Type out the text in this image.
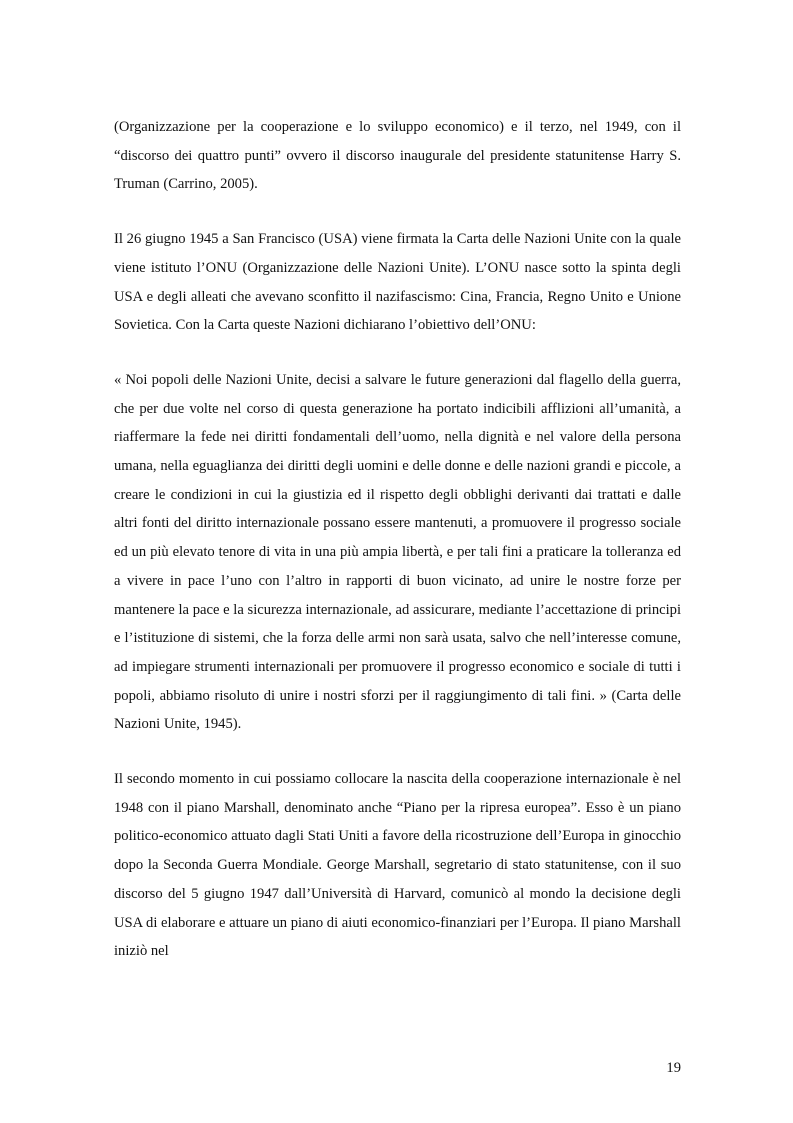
(Organizzazione per la cooperazione e lo sviluppo economico) e il terzo, nel 1949, con il “discorso dei quattro punti” ovvero il discorso inaugurale del presidente statunitense Harry S. Truman (Carrino, 2005).

Il 26 giugno 1945 a San Francisco (USA) viene firmata la Carta delle Nazioni Unite con la quale viene istituto l’ONU (Organizzazione delle Nazioni Unite). L’ONU nasce sotto la spinta degli USA e degli alleati che avevano sconfitto il nazifascismo: Cina, Francia, Regno Unito e Unione Sovietica. Con la Carta queste Nazioni dichiarano l’obiettivo dell’ONU:

« Noi popoli delle Nazioni Unite, decisi a salvare le future generazioni dal flagello della guerra, che per due volte nel corso di questa generazione ha portato indicibili afflizioni all’umanità, a riaffermare la fede nei diritti fondamentali dell’uomo, nella dignità e nel valore della persona umana, nella eguaglianza dei diritti degli uomini e delle donne e delle nazioni grandi e piccole, a creare le condizioni in cui la giustizia ed il rispetto degli obblighi derivanti dai trattati e dalle altri fonti del diritto internazionale possano essere mantenuti, a promuovere il progresso sociale ed un più elevato tenore di vita in una più ampia libertà, e per tali fini a praticare la tolleranza ed a vivere in pace l’uno con l’altro in rapporti di buon vicinato, ad unire le nostre forze per mantenere la pace e la sicurezza internazionale, ad assicurare, mediante l’accettazione di principi e l’istituzione di sistemi, che la forza delle armi non sarà usata, salvo che nell’interesse comune, ad impiegare strumenti internazionali per promuovere il progresso economico e sociale di tutti i popoli, abbiamo risoluto di unire i nostri sforzi per il raggiungimento di tali fini. » (Carta delle Nazioni Unite, 1945).

Il secondo momento in cui possiamo collocare la nascita della cooperazione internazionale è nel 1948 con il piano Marshall, denominato anche “Piano per la ripresa europea”. Esso è un piano politico-economico attuato dagli Stati Uniti a favore della ricostruzione dell’Europa in ginocchio dopo la Seconda Guerra Mondiale. George Marshall, segretario di stato statunitense, con il suo discorso del 5 giugno 1947 dall’Università di Harvard, comunicò al mondo la decisione degli USA di elaborare e attuare un piano di aiuti economico-finanziari per l’Europa. Il piano Marshall iniziò nel

19
